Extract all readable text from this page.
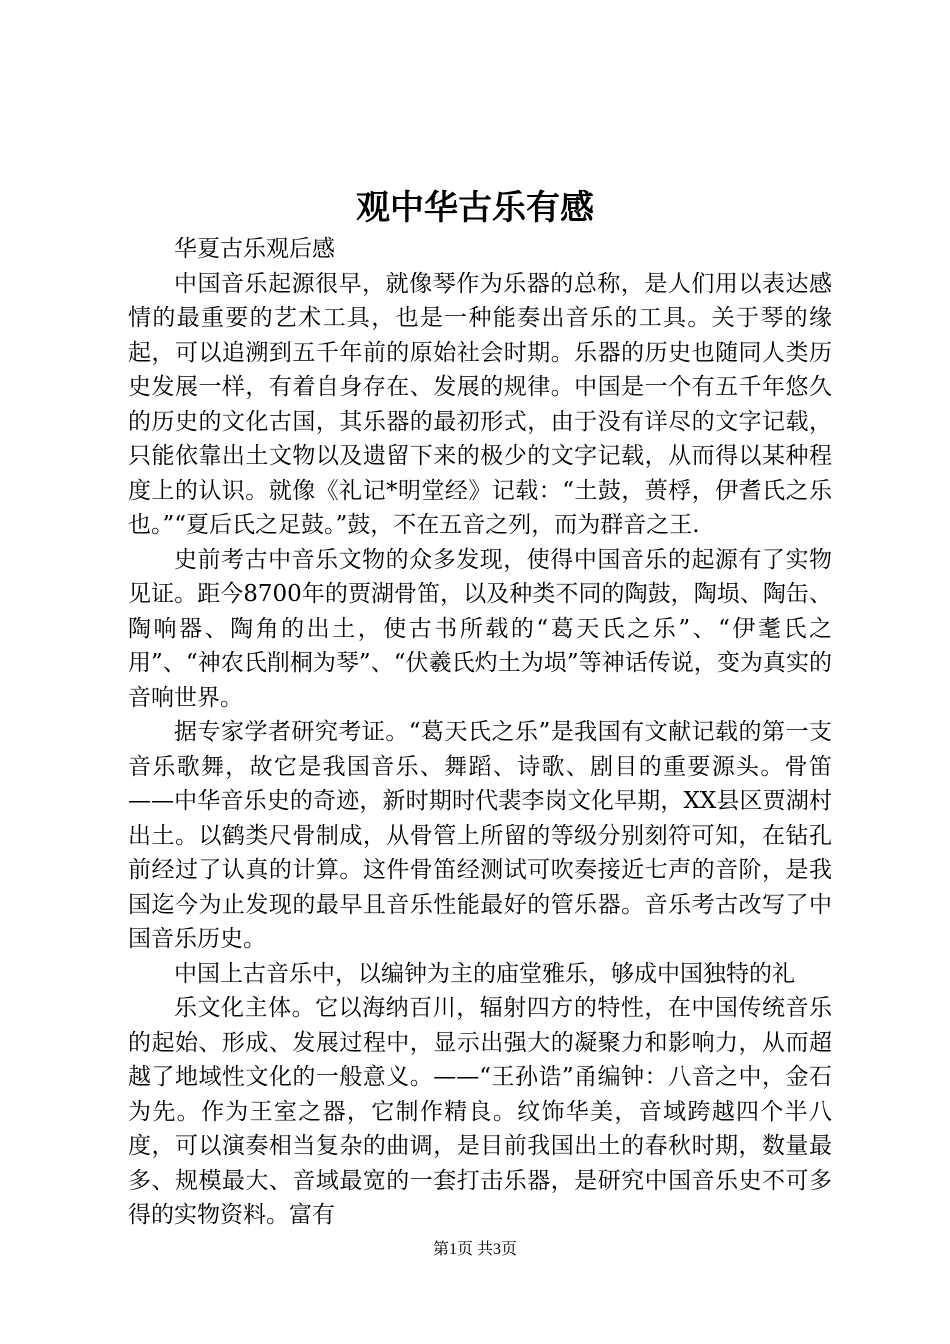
观中华古乐有感

华夏古乐观后感

中国音乐起源很早，就像琴作为乐器的总称，是人们用以表达感情的最重要的艺术工具，也是一种能奏出音乐的工具。关于琴的缘起，可以追溯到五千年前的原始社会时期。乐器的历史也随同人类历史发展一样，有着自身存在、发展的规律。中国是一个有五千年悠久的历史的文化古国，其乐器的最初形式，由于没有详尽的文字记载，只能依靠出土文物以及遗留下来的极少的文字记载，从而得以某种程度上的认识。就像《礼记*明堂经》记载：“土鼓，蒉桴，伊耆氏之乐也。”“夏后氏之足鼓。”鼓，不在五音之列，而为群音之王.

史前考古中音乐文物的众多发现，使得中国音乐的起源有了实物见证。距今8700年的贾湖骨笛，以及种类不同的陶鼓，陶埙、陶缶、陶响器、陶角的出土，使古书所载的“葛天氏之乐”、“伊耄氏之用”、“神农氏削桐为琴”、“伏羲氏灼土为埙”等神话传说，变为真实的音响世界。

据专家学者研究考证。“葛天氏之乐”是我国有文献记载的第一支音乐歌舞，故它是我国音乐、舞蹈、诗歌、剧目的重要源头。骨笛——中华音乐史的奇迹，新时期时代裴李岗文化早期，XX县区贾湖村出土。以鹤类尺骨制成，从骨管上所留的等级分别刻符可知，在钻孔前经过了认真的计算。这件骨笛经测试可吹奏接近七声的音阶，是我国迄今为止发现的最早且音乐性能最好的管乐器。音乐考古改写了中国音乐历史。

中国上古音乐中，以编钟为主的庙堂雅乐，够成中国独特的礼

乐文化主体。它以海纳百川，辐射四方的特性，在中国传统音乐的起始、形成、发展过程中，显示出强大的凝聚力和影响力，从而超越了地域性文化的一般意义。——“王孙诰”甬编钟：八音之中，金石为先。作为王室之器，它制作精良。纹饰华美，音域跨越四个半八度，可以演奏相当复杂的曲调，是目前我国出土的春秋时期，数量最多、规模最大、音域最宽的一套打击乐器，是研究中国音乐史不可多得的实物资料。富有

第1页 共3页
